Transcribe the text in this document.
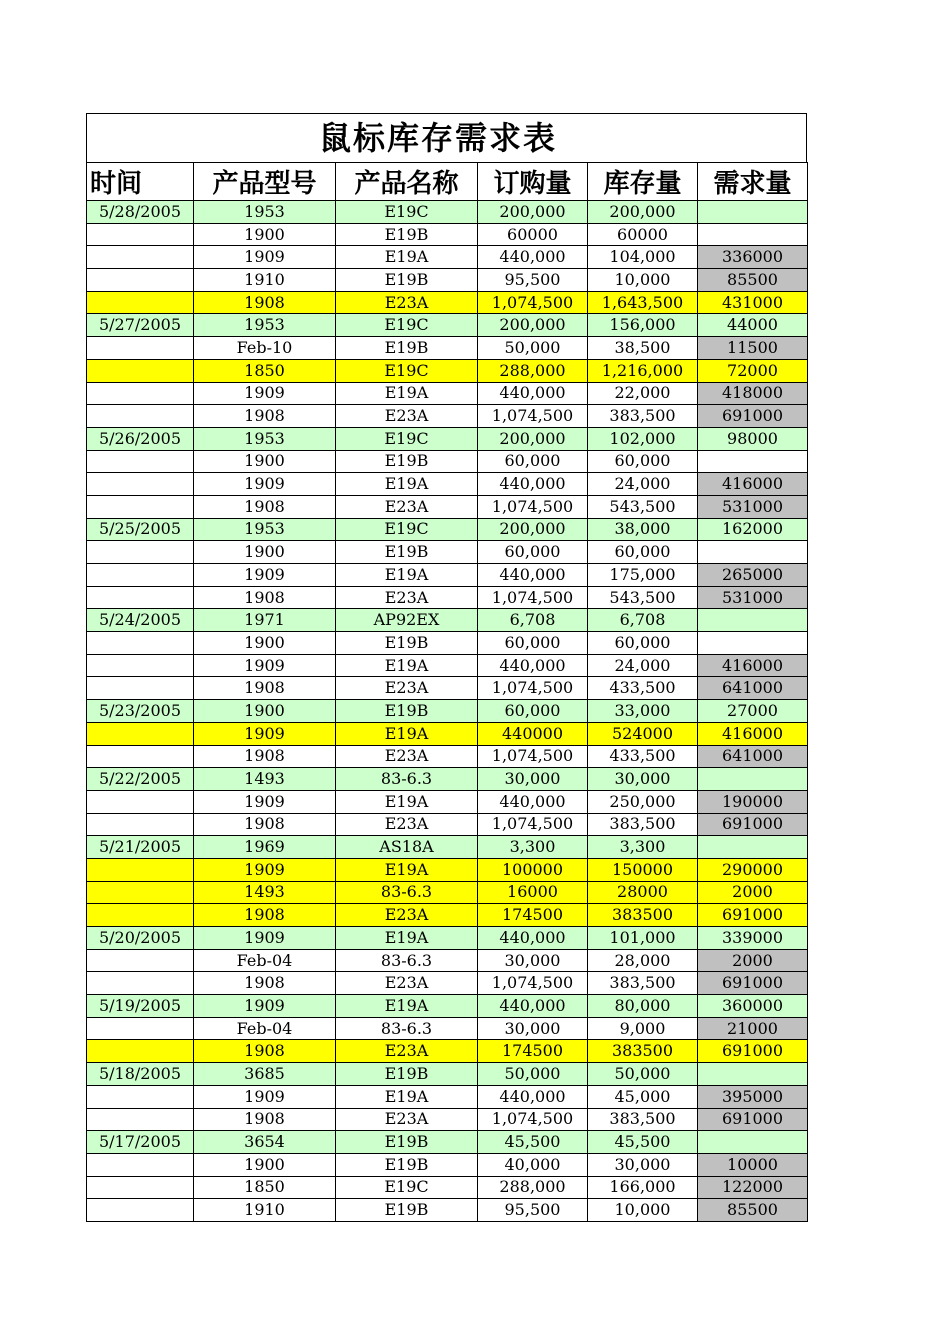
鼠标库存需求表
时间	产品型号	产品名称	订购量	库存量	需求量
5/28/2005	1953	E19C	200,000	200,000	
	1900	E19B	60000	60000	
	1909	E19A	440,000	104,000	336000
	1910	E19B	95,500	10,000	85500
	1908	E23A	1,074,500	1,643,500	431000
5/27/2005	1953	E19C	200,000	156,000	44000
	Feb-10	E19B	50,000	38,500	11500
	1850	E19C	288,000	1,216,000	72000
	1909	E19A	440,000	22,000	418000
	1908	E23A	1,074,500	383,500	691000
5/26/2005	1953	E19C	200,000	102,000	98000
	1900	E19B	60,000	60,000	
	1909	E19A	440,000	24,000	416000
	1908	E23A	1,074,500	543,500	531000
5/25/2005	1953	E19C	200,000	38,000	162000
	1900	E19B	60,000	60,000	
	1909	E19A	440,000	175,000	265000
	1908	E23A	1,074,500	543,500	531000
5/24/2005	1971	AP92EX	6,708	6,708	
	1900	E19B	60,000	60,000	
	1909	E19A	440,000	24,000	416000
	1908	E23A	1,074,500	433,500	641000
5/23/2005	1900	E19B	60,000	33,000	27000
	1909	E19A	440000	524000	416000
	1908	E23A	1,074,500	433,500	641000
5/22/2005	1493	83-6.3	30,000	30,000	
	1909	E19A	440,000	250,000	190000
	1908	E23A	1,074,500	383,500	691000
5/21/2005	1969	AS18A	3,300	3,300	
	1909	E19A	100000	150000	290000
	1493	83-6.3	16000	28000	2000
	1908	E23A	174500	383500	691000
5/20/2005	1909	E19A	440,000	101,000	339000
	Feb-04	83-6.3	30,000	28,000	2000
	1908	E23A	1,074,500	383,500	691000
5/19/2005	1909	E19A	440,000	80,000	360000
	Feb-04	83-6.3	30,000	9,000	21000
	1908	E23A	174500	383500	691000
5/18/2005	3685	E19B	50,000	50,000	
	1909	E19A	440,000	45,000	395000
	1908	E23A	1,074,500	383,500	691000
5/17/2005	3654	E19B	45,500	45,500	
	1900	E19B	40,000	30,000	10000
	1850	E19C	288,000	166,000	122000
	1910	E19B	95,500	10,000	85500
